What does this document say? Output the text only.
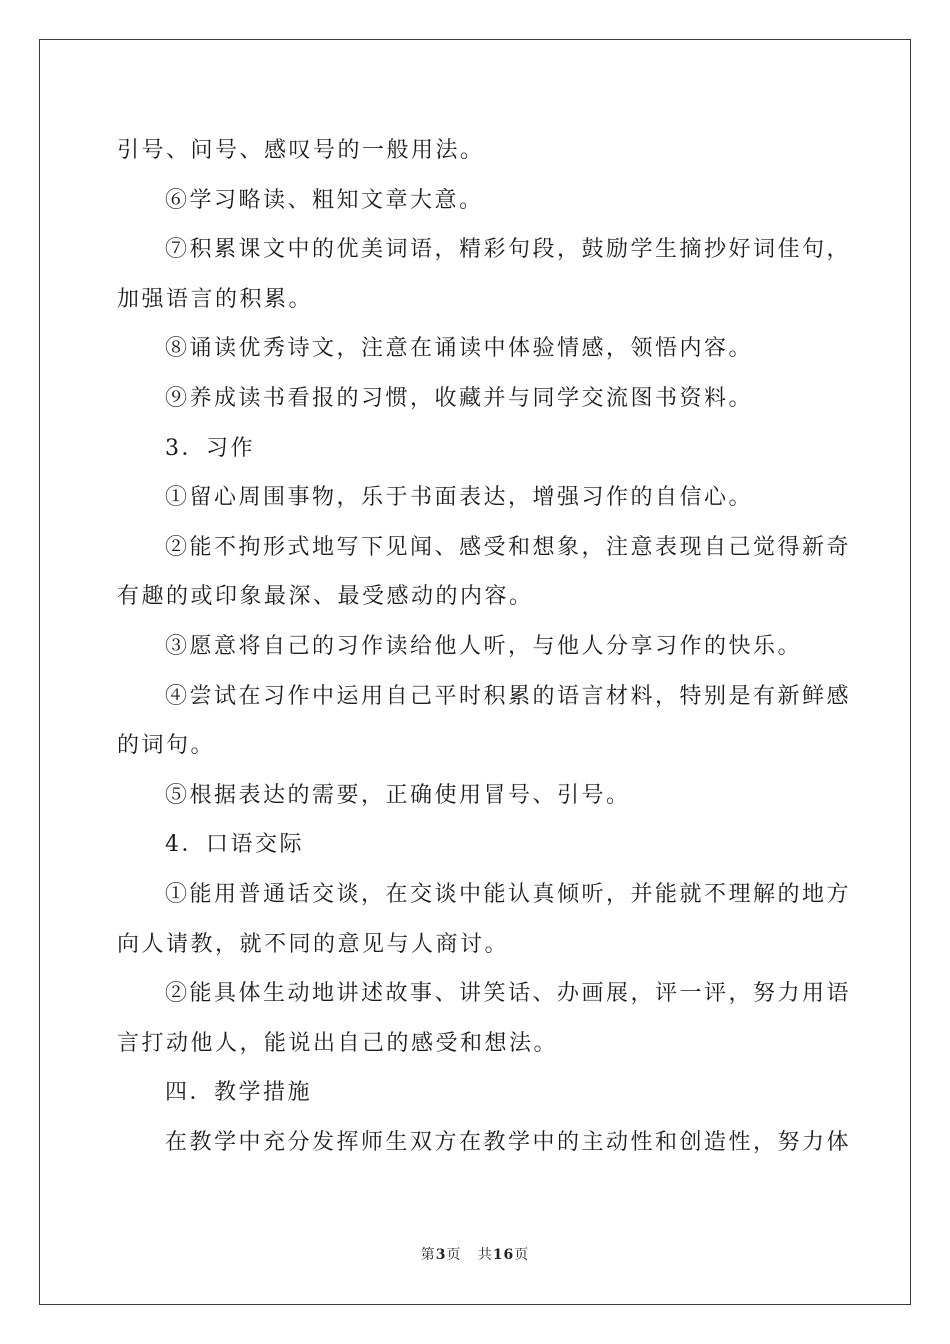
引号、问号、感叹号的一般用法。
⑥学习略读、粗知文章大意。
⑦积累课文中的优美词语，精彩句段，鼓励学生摘抄好词佳句，
加强语言的积累。
⑧诵读优秀诗文，注意在诵读中体验情感，领悟内容。
⑨养成读书看报的习惯，收藏并与同学交流图书资料。
3．习作
①留心周围事物，乐于书面表达，增强习作的自信心。
②能不拘形式地写下见闻、感受和想象，注意表现自己觉得新奇
有趣的或印象最深、最受感动的内容。
③愿意将自己的习作读给他人听，与他人分享习作的快乐。
④尝试在习作中运用自己平时积累的语言材料，特别是有新鲜感
的词句。
⑤根据表达的需要，正确使用冒号、引号。
4．口语交际
①能用普通话交谈，在交谈中能认真倾听，并能就不理解的地方
向人请教，就不同的意见与人商讨。
②能具体生动地讲述故事、讲笑话、办画展，评一评，努力用语
言打动他人，能说出自己的感受和想法。
四．教学措施
在教学中充分发挥师生双方在教学中的主动性和创造性，努力体
第3页 共16页
